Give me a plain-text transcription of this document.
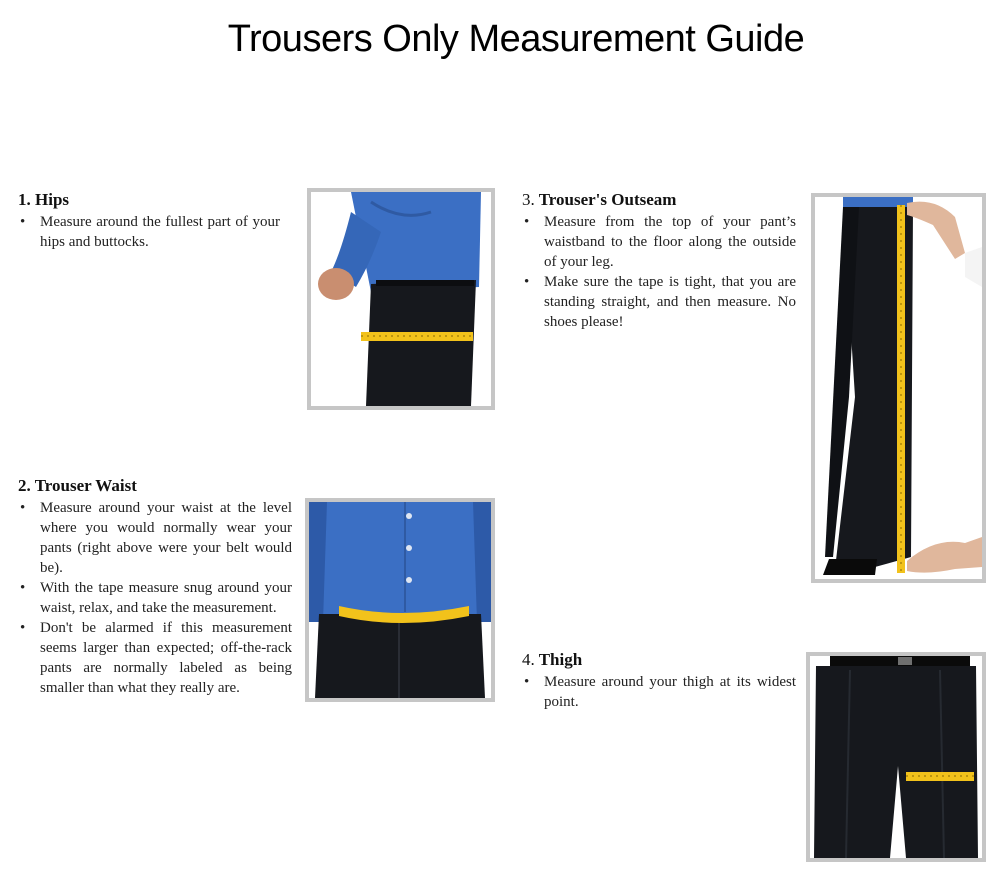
Trousers Only Measurement Guide
1. Hips
• Measure around the fullest part of your hips and buttocks.
2. Trouser Waist
• Measure around your waist at the level where you would normally wear your pants (right above were your belt would be).
• With the tape measure snug around your waist, relax, and take the measurement.
• Don't be alarmed if this measurement seems larger than expected; off-the-rack pants are normally labeled as being smaller than what they really are.
3. Trouser's Outseam
• Measure from the top of your pant’s waistband to the floor along the outside of your leg.
• Make sure the tape is tight, that you are standing straight, and then measure. No shoes please!
4. Thigh
• Measure around your thigh at its widest point.
